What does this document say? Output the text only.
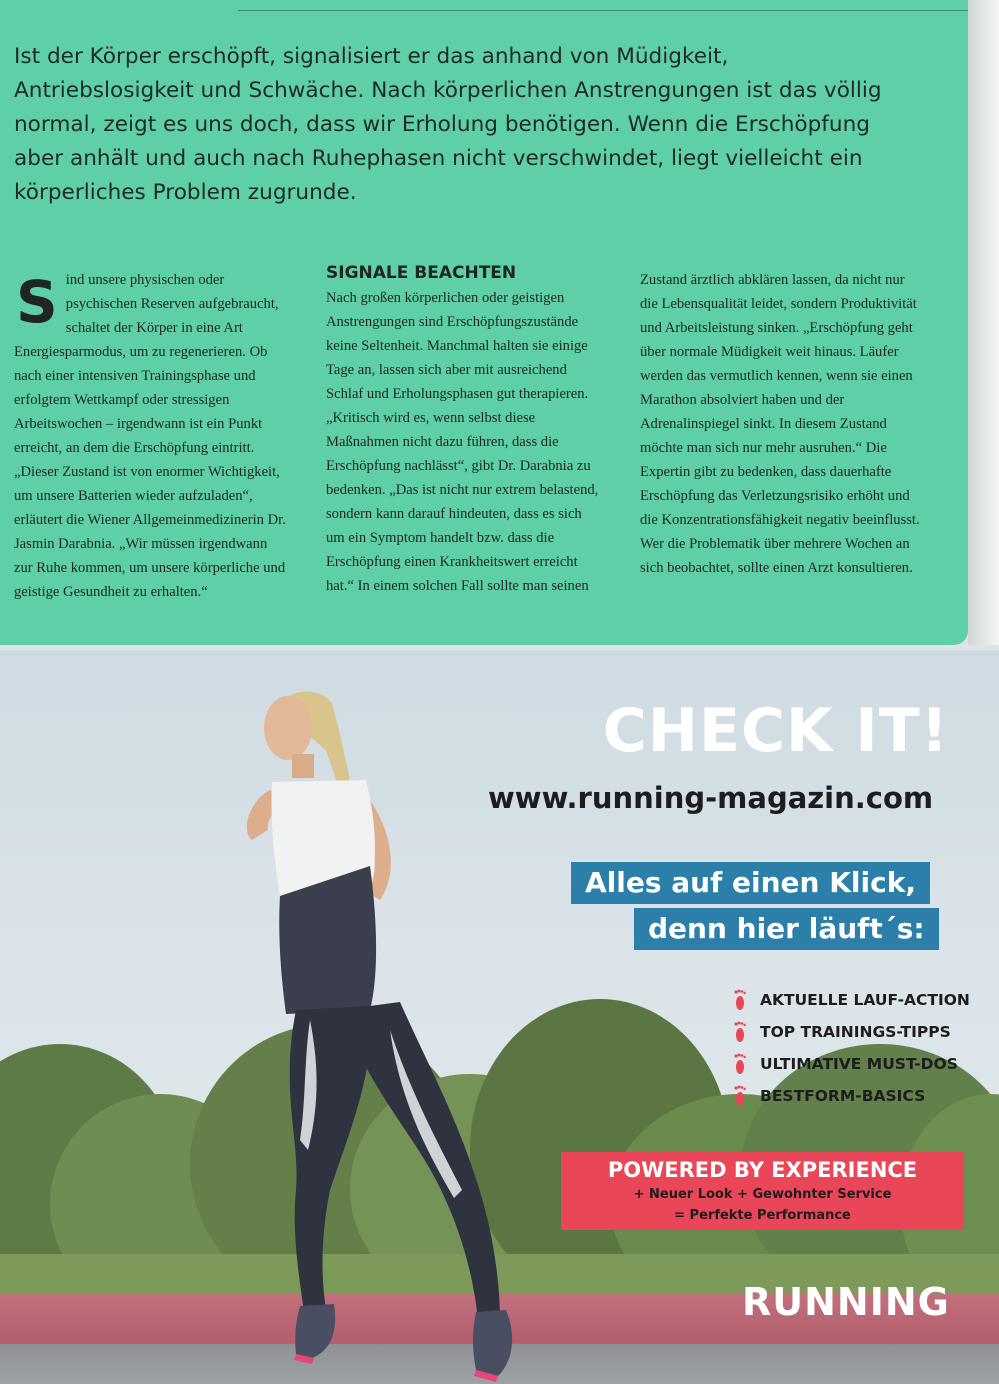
Ist der Körper erschöpft, signalisiert er das anhand von Müdigkeit, Antriebslosigkeit und Schwäche. Nach körperlichen Anstrengungen ist das völlig normal, zeigt es uns doch, dass wir Erholung benötigen. Wenn die Erschöpfung aber anhält und auch nach Ruhephasen nicht verschwindet, liegt vielleicht ein körperliches Problem zugrunde.

Sind unsere physischen oder psychischen Reserven aufgebraucht, schaltet der Körper in eine Art Energiesparmodus, um zu regenerieren. Ob nach einer intensiven Trainingsphase und erfolgtem Wettkampf oder stressigen Arbeitswochen – irgendwann ist ein Punkt erreicht, an dem die Erschöpfung eintritt. „Dieser Zustand ist von enormer Wichtigkeit, um unsere Batterien wieder aufzuladen“, erläutert die Wiener Allgemeinmedizinerin Dr. Jasmin Darabnia. „Wir müssen irgendwann zur Ruhe kommen, um unsere körperliche und geistige Gesundheit zu erhalten.“
SIGNALE BEACHTEN
Nach großen körperlichen oder geistigen Anstrengungen sind Erschöpfungszustände keine Seltenheit. Manchmal halten sie einige Tage an, lassen sich aber mit ausreichend Schlaf und Erholungsphasen gut therapieren. „Kritisch wird es, wenn selbst diese Maßnahmen nicht dazu führen, dass die Erschöpfung nachlässt“, gibt Dr. Darabnia zu bedenken. „Das ist nicht nur extrem belastend, sondern kann darauf hindeuten, dass es sich um ein Symptom handelt bzw. dass die Erschöpfung einen Krankheitswert erreicht hat.“ In einem solchen Fall sollte man seinen
Zustand ärztlich abklären lassen, da nicht nur die Lebensqualität leidet, sondern Produktivität und Arbeitsleistung sinken. „Erschöpfung geht über normale Müdigkeit weit hinaus. Läufer werden das vermutlich kennen, wenn sie einen Marathon absolviert haben und der Adrenalinspiegel sinkt. In diesem Zustand möchte man sich nur mehr ausruhen.“ Die Expertin gibt zu bedenken, dass dauerhafte Erschöpfung das Verletzungsrisiko erhöht und die Konzentrationsfähigkeit negativ beeinflusst. Wer die Problematik über mehrere Wochen an sich beobachtet, sollte einen Arzt konsultieren.
CHECK IT!
www.running-magazin.com
Alles auf einen Klick,
denn hier läuft´s:
AKTUELLE LAUF-ACTION
TOP TRAININGS-TIPPS
ULTIMATIVE MUST-DOS
BESTFORM-BASICS
POWERED BY EXPERIENCE
+ Neuer Look + Gewohnter Service
= Perfekte Performance
RUNNING
